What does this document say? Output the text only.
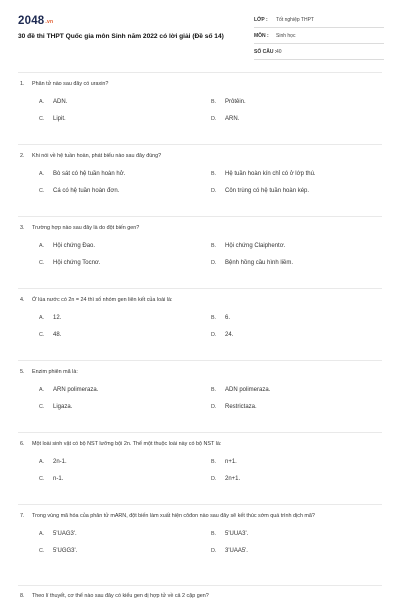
2048.vn
30 đề thi THPT Quốc gia môn Sinh năm 2022 có lời giải (Đề số 14)
LỚP : Tốt nghiệp THPT
MÔN : Sinh học
SỐ CÂU : 40
1. Phân tử nào sau đây có uraxin?
A. ADN.	B. Prôtêin.
C. Lipit.	D. ARN.
2. Khi nói về hệ tuần hoàn, phát biểu nào sau đây đúng?
A. Bò sát có hệ tuần hoàn hở.	B. Hệ tuần hoàn kín chỉ có ở lớp thú.
C. Cá có hệ tuần hoàn đơn.	D. Côn trùng có hệ tuần hoàn kép.
3. Trường hợp nào sau đây là do đột biến gen?
A. Hội chứng Đao.	B. Hội chứng Claiphentơ.
C. Hội chứng Tocnơ.	D. Bệnh hồng cầu hình liềm.
4. Ở lúa nước có 2n = 24 thì số nhóm gen liên kết của loài là:
A. 12.	B. 6.
C. 48.	D. 24.
5. Enzim phiên mã là:
A. ARN polimeraza.	B. ADN polimeraza.
C. Ligaza.	D. Restrictaza.
6. Một loài sinh vật có bộ NST lưỡng bội 2n. Thể một thuộc loài này có bộ NST là:
A. 2n-1.	B. n+1.
C. n-1.	D. 2n+1.
7. Trong vùng mã hóa của phân tử mARN, đột biến làm xuất hiện côđon nào sau đây sẽ kết thúc sớm quá trình dịch mã?
A. 5'UAG3'.	B. 5'UUA3'.
C. 5'UGG3'.	D. 3'UAA5'.
8. Theo lí thuyết, cơ thể nào sau đây có kiểu gen dị hợp tử về cả 2 cặp gen?
